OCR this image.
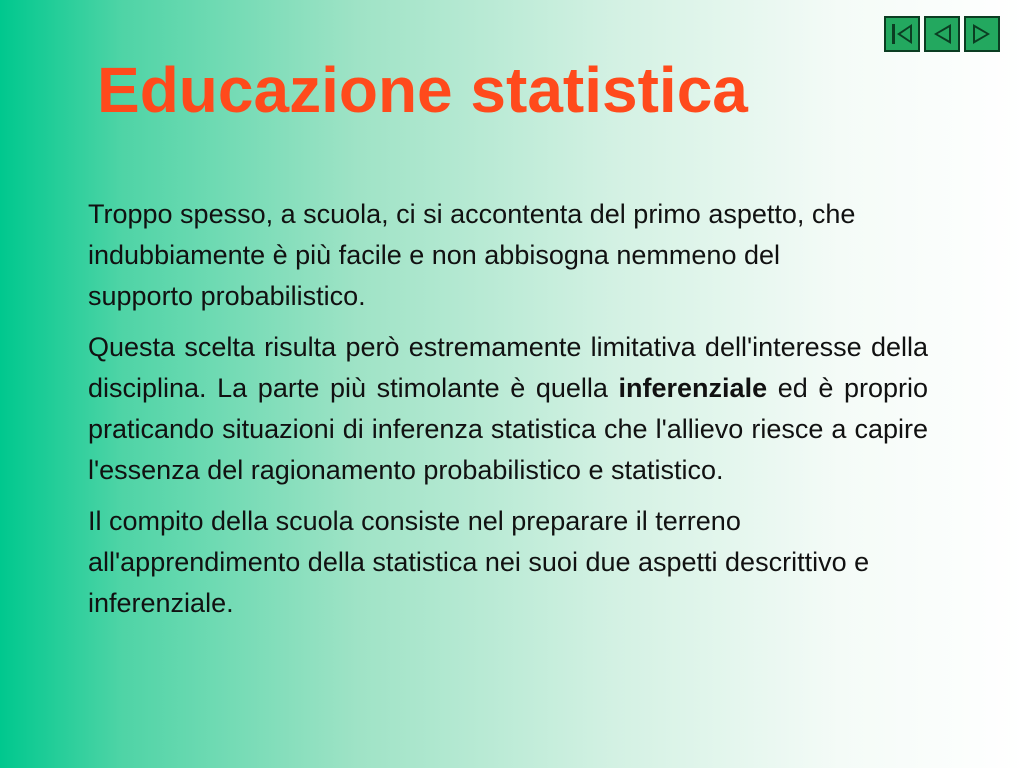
Educazione statistica

Troppo spesso, a scuola, ci si accontenta del primo aspetto, che indubbiamente è più facile e non abbisogna nemmeno del supporto probabilistico.

Questa scelta risulta però estremamente limitativa dell'interesse della disciplina. La parte più stimolante è quella inferenziale ed è proprio praticando situazioni di inferenza statistica che l'allievo riesce a capire l'essenza del ragionamento probabilistico e statistico.

Il compito della scuola consiste nel preparare il terreno all'apprendimento della statistica nei suoi due aspetti descrittivo e inferenziale.
